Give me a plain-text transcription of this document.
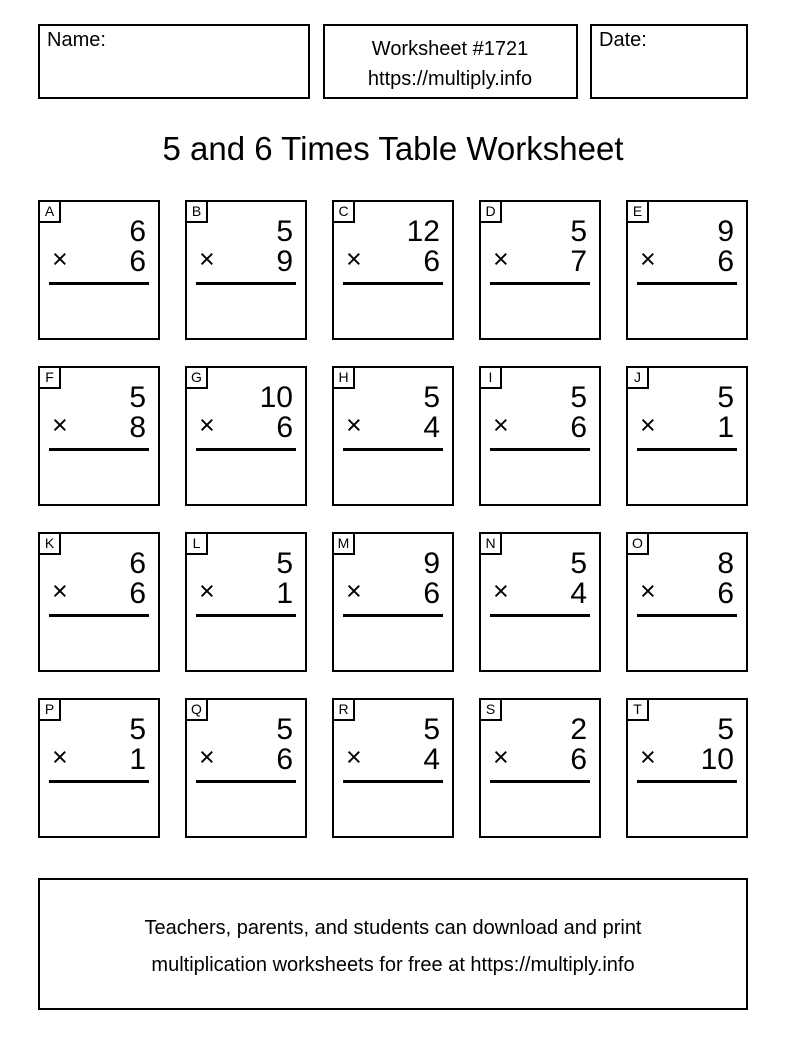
Name:	Worksheet #1721
https://multiply.info
Date:
5 and 6 Times Table Worksheet
A
6
× 6
B
5
× 9
C
12
× 6
D
5
× 7
E
9
× 6
F
5
× 8
G
10
× 6
H
5
× 4
I
5
× 6
J
5
× 1
K
6
× 6
L
5
× 1
M
9
× 6
N
5
× 4
O
8
× 6
P
5
× 1
Q
5
× 6
R
5
× 4
S
2
× 6
T
5
× 10
Teachers, parents, and students can download and print
multiplication worksheets for free at https://multiply.info
